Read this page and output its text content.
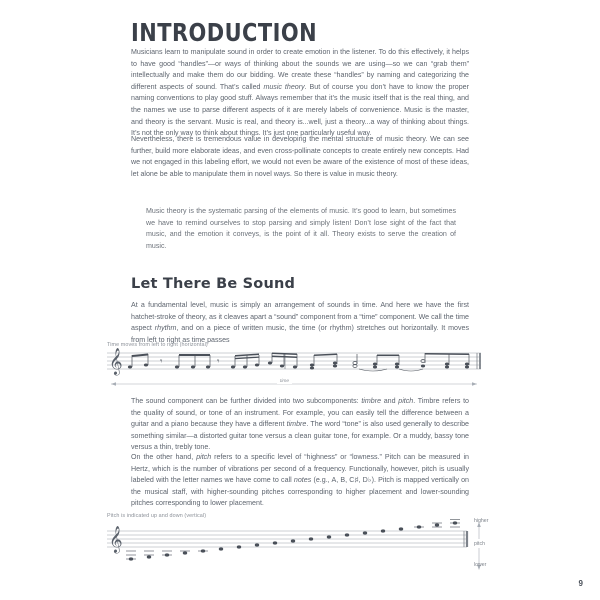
INTRODUCTION
Musicians learn to manipulate sound in order to create emotion in the listener. To do this effectively, it helps to have good “handles”—or ways of thinking about the sounds we are using—so we can “grab them” intellectually and make them do our bidding. We create these “handles” by naming and categorizing the different aspects of sound. That’s called music theory. But of course you don’t have to know the proper naming conventions to play good stuff. Always remember that it’s the music itself that is the real thing, and the names we use to parse different aspects of it are merely labels of convenience. Music is the master, and theory is the servant. Music is real, and theory is...well, just a theory...a way of thinking about things. It’s not the only way to think about things. It’s just one particularly useful way.
Nevertheless, there is tremendous value in developing the mental structure of music theory. We can see further, build more elaborate ideas, and even cross-pollinate concepts to create entirely new concepts. Had we not engaged in this labeling effort, we would not even be aware of the existence of most of these ideas, let alone be able to manipulate them in novel ways. So there is value in music theory.
Music theory is the systematic parsing of the elements of music. It’s good to learn, but sometimes we have to remind ourselves to stop parsing and simply listen! Don’t lose sight of the fact that music, and the emotion it conveys, is the point of it all. Theory exists to serve the creation of music.
Let There Be Sound
At a fundamental level, music is simply an arrangement of sounds in time. And here we have the first hatchet-stroke of theory, as it cleaves apart a “sound” component from a “time” component. We call the time aspect rhythm, and on a piece of written music, the time (or rhythm) stretches out horizontally. It moves from left to right as time passes
Time moves from left to right (horizontal)
𝄞	𝄾	𝄾
time
The sound component can be further divided into two subcomponents: timbre and pitch. Timbre refers to the quality of sound, or tone of an instrument. For example, you can easily tell the difference between a guitar and a piano because they have a different timbre. The word “tone” is also used generally to describe something similar—a distorted guitar tone versus a clean guitar tone, for example. Or a muddy, bassy tone versus a thin, trebly tone.
On the other hand, pitch refers to a specific level of “highness” or “lowness.” Pitch can be measured in Hertz, which is the number of vibrations per second of a frequency. Functionally, however, pitch is usually labeled with the letter names we have come to call notes (e.g., A, B, C♯, D♭). Pitch is mapped vertically on the musical staff, with higher-sounding pitches corresponding to higher placement and lower-sounding pitches corresponding to lower placement.
Pitch is indicated up and down (vertical)
𝄞
higher
pitch
lower
9
